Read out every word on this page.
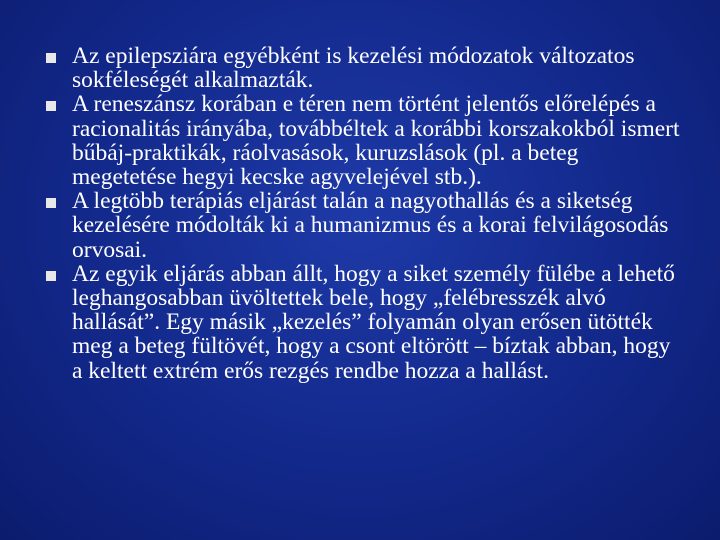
Az epilepsziára egyébként is kezelési módozatok változatos sokféleségét alkalmazták.
A reneszánsz korában e téren nem történt jelentős előrelépés a racionalitás irányába, továbbéltek a korábbi korszakokból ismert bűbáj-praktikák, ráolvasások, kuruzslások (pl. a beteg megetetése hegyi kecske agyvelejével stb.).
A legtöbb terápiás eljárást talán a nagyothallás és a siketség kezelésére módolták ki a humanizmus és a korai felvilágosodás orvosai.
Az egyik eljárás abban állt, hogy a siket személy fülébe a lehető leghangosabban üvöltettek bele, hogy „felébresszék alvó hallását”. Egy másik „kezelés” folyamán olyan erősen ütötték meg a beteg fültövét, hogy a csont eltörött – bíztak abban, hogy a keltett extrém erős rezgés rendbe hozza a hallást.
